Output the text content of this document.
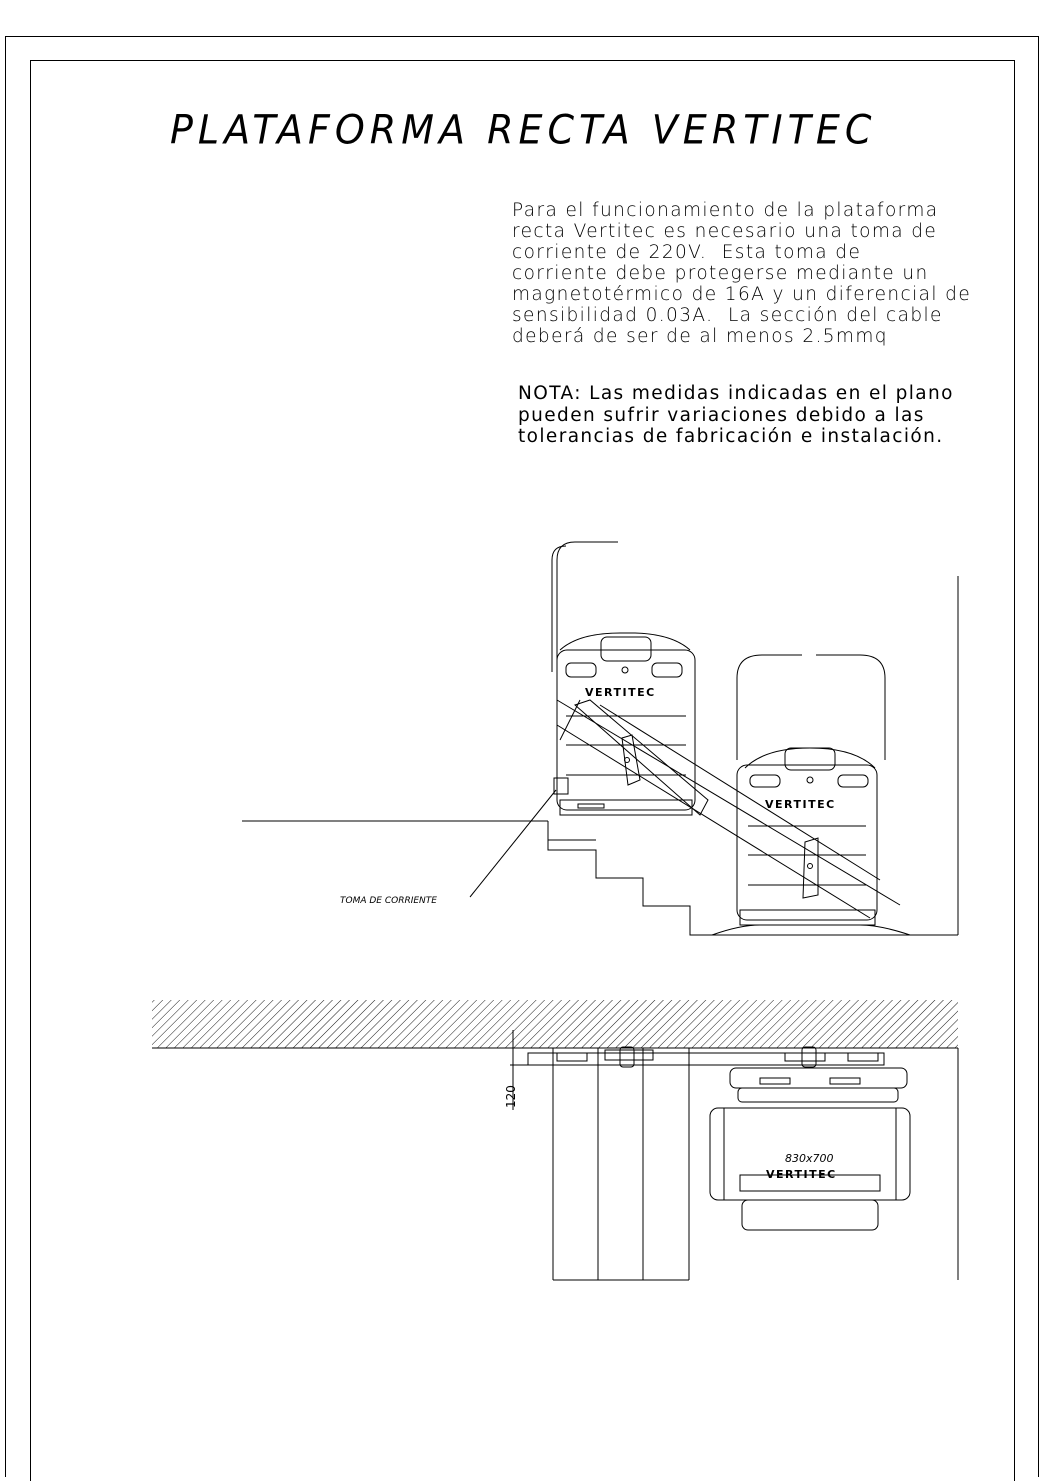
PLATAFORMA RECTA VERTITEC
Para el funcionamiento de la plataforma
recta Vertitec es necesario una toma de
corriente de 220V.  Esta toma de
corriente debe protegerse mediante un
magnetotérmico de 16A y un diferencial de
sensibilidad 0.03A.  La sección del cable
deberá de ser de al menos 2.5mmq
NOTA: Las medidas indicadas en el plano
pueden sufrir variaciones debido a las
tolerancias de fabricación e instalación.
VERTITEC
VERTITEC
TOMA DE CORRIENTE
120
830x700
VERTITEC
